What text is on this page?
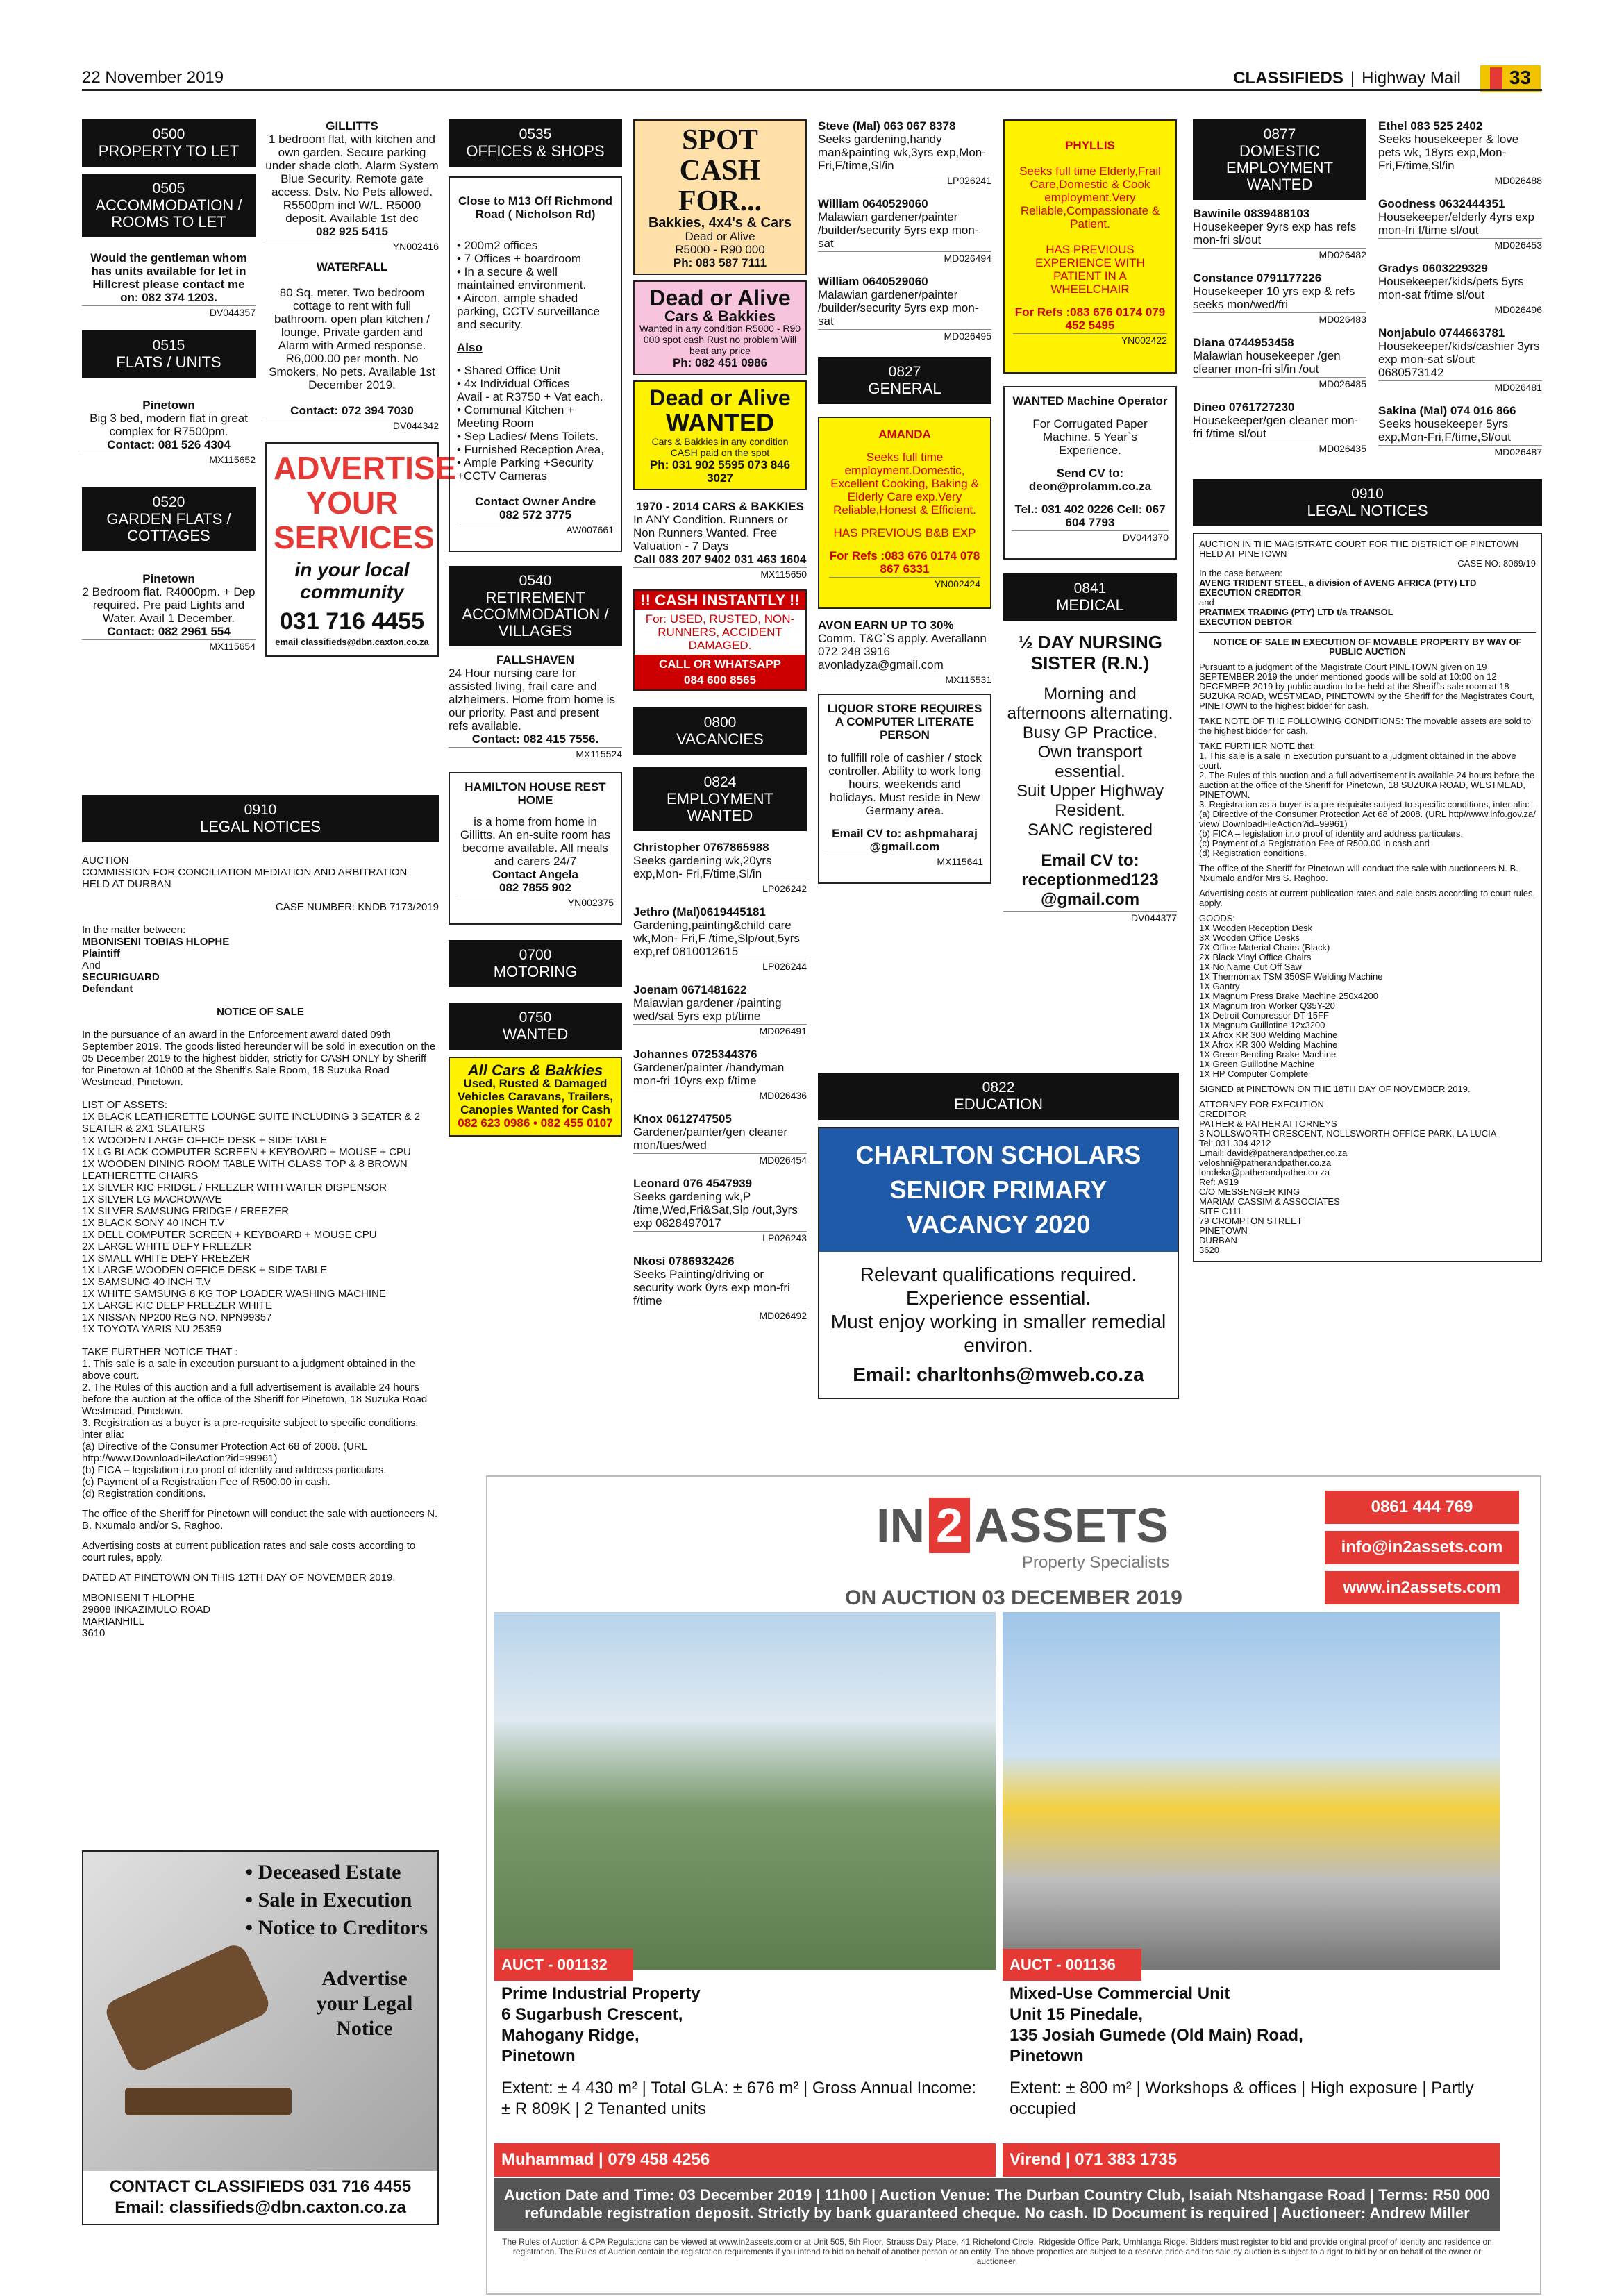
22 November 2019	CLASSIFIEDS | Highway Mail	33
0500
PROPERTY TO LET
0505
ACCOMMODATION / ROOMS TO LET
Would the gentleman whom has units available for let in Hillcrest please contact me on: 082 374 1203.
DV044357
0515
FLATS / UNITS
Pinetown
Big 3 bed, modern flat in great complex for R7500pm.
Contact: 081 526 4304
MX115652
0520
GARDEN FLATS / COTTAGES
Pinetown
2 Bedroom flat. R4000pm. + Dep required. Pre paid Lights and Water. Avail 1 December.
Contact: 082 2961 554
MX115654
GILLITTS
1 bedroom flat, with kitchen and own garden. Secure parking under shade cloth. Alarm System Blue Security. Remote gate access. Dstv. No Pets allowed. R5500pm incl W/L. R5000 deposit. Available 1st dec
082 925 5415
YN002416
WATERFALL
80 Sq. meter. Two bedroom cottage to rent with full bathroom. open plan kitchen / lounge. Private garden and Alarm with Armed response. R6,000.00 per month. No Smokers, No pets. Available 1st December 2019.
Contact: 072 394 7030
DV044342
ADVERTISE
YOUR
SERVICES
in your local community
031 716 4455
email classifieds@dbn.caxton.co.za
0910
LEGAL NOTICES
AUCTION
COMMISSION FOR CONCILIATION MEDIATION AND ARBITRATION
HELD AT DURBAN
CASE NUMBER: KNDB 7173/2019
In the matter between:
MBONISENI TOBIAS HLOPHE
Plaintiff
And
SECURIGUARD
Defendant
NOTICE OF SALE
In the pursuance of an award in the Enforcement award dated 09th September 2019. The goods listed hereunder will be sold in execution on the 05 December 2019 to the highest bidder, strictly for CASH ONLY by Sheriff for Pinetown at 10h00 at the Sheriff's Sale Room, 18 Suzuka Road Westmead, Pinetown.
LIST OF ASSETS:
1X BLACK LEATHERETTE LOUNGE SUITE INCLUDING 3 SEATER & 2 SEATER & 2X1 SEATERS
1X WOODEN LARGE OFFICE DESK + SIDE TABLE
1X LG BLACK COMPUTER SCREEN + KEYBOARD + MOUSE + CPU
1X WOODEN DINING ROOM TABLE WITH GLASS TOP & 8 BROWN LEATHERETTE CHAIRS
1X SILVER KIC FRIDGE / FREEZER WITH WATER DISPENSOR
1X SILVER LG MACROWAVE
1X SILVER SAMSUNG FRIDGE / FREEZER
1X BLACK SONY 40 INCH T.V
1X DELL COMPUTER SCREEN + KEYBOARD + MOUSE CPU
2X LARGE WHITE DEFY FREEZER
1X SMALL WHITE DEFY FREEZER
1X LARGE WOODEN OFFICE DESK + SIDE TABLE
1X SAMSUNG 40 INCH T.V
1X WHITE SAMSUNG 8 KG TOP LOADER WASHING MACHINE
1X LARGE KIC DEEP FREEZER WHITE
1X NISSAN NP200 REG NO. NPN99357
1X TOYOTA YARIS NU 25359
TAKE FURTHER NOTICE THAT :
1. This sale is a sale in execution pursuant to a judgment obtained in the above court.
2. The Rules of this auction and a full advertisement is available 24 hours before the auction at the office of the Sheriff for Pinetown, 18 Suzuka Road Westmead, Pinetown.
3. Registration as a buyer is a pre-requisite subject to specific conditions, inter alia:
(a) Directive of the Consumer Protection Act 68 of 2008. (URL http://www.DownloadFileAction?id=99961)
(b) FICA – legislation i.r.o proof of identity and address particulars.
(c) Payment of a Registration Fee of R500.00 in cash.
(d) Registration conditions.
The office of the Sheriff for Pinetown will conduct the sale with auctioneers N. B. Nxumalo and/or S. Raghoo.
Advertising costs at current publication rates and sale costs according to court rules, apply.
DATED AT PINETOWN ON THIS 12TH DAY OF NOVEMBER 2019.
MBONISENI T HLOPHE
29808 INKAZIMULO ROAD
MARIANHILL
3610
• Deceased Estate
• Sale in Execution
• Notice to Creditors
Advertise your Legal Notice
CONTACT CLASSIFIEDS 031 716 4455
Email: classifieds@dbn.caxton.co.za
0535
OFFICES & SHOPS
Close to M13 Off Richmond Road ( Nicholson Rd)
• 200m2 offices
• 7 Offices + boardroom
• In a secure & well maintained environment.
• Aircon, ample shaded parking, CCTV surveillance and security.
Also
• Shared Office Unit
• 4x Individual Offices
Avail - at R3750 + Vat each.
• Communal Kitchen + Meeting Room
• Sep Ladies/ Mens Toilets.
• Furnished Reception Area,
• Ample Parking +Security +CCTV Cameras
Contact Owner Andre
082 572 3775
AW007661
0540
RETIREMENT ACCOMMODATION / VILLAGES
FALLSHAVEN
24 Hour nursing care for assisted living, frail care and alzheimers. Home from home is our priority. Past and present refs available.
Contact: 082 415 7556.
MX115524
HAMILTON HOUSE REST HOME
is a home from home in Gillitts. An en-suite room has become available. All meals and carers 24/7
Contact Angela
082 7855 902
YN002375
0700
MOTORING
0750
WANTED
All Cars & Bakkies
Used, Rusted & Damaged Vehicles Caravans, Trailers, Canopies Wanted for Cash
082 623 0986 • 082 455 0107
SPOT CASH FOR...
Bakkies, 4x4's & Cars
Dead or Alive
R5000 - R90 000
Ph: 083 587 7111
Dead or Alive
Cars & Bakkies
Wanted in any condition R5000 - R90 000 spot cash Rust no problem Will beat any price
Ph: 082 451 0986
Dead or Alive
WANTED
Cars & Bakkies in any condition CASH paid on the spot
Ph: 031 902 5595 073 846 3027
1970 - 2014 CARS & BAKKIES
In ANY Condition. Runners or Non Runners Wanted. Free Valuation - 7 Days
Call 083 207 9402 031 463 1604
MX115650
!! CASH INSTANTLY !!
For: USED, RUSTED, NON-RUNNERS, ACCIDENT DAMAGED.
CALL OR WHATSAPP
084 600 8565
0800
VACANCIES
0824
EMPLOYMENT WANTED
Christopher 0767865988
Seeks gardening wk,20yrs exp,Mon- Fri,F/time,Sl/in
LP026242
Jethro (Mal)0619445181
Gardening,painting&child care wk,Mon- Fri,F /time,Slp/out,5yrs exp,ref 0810012615
LP026244
Joenam 0671481622
Malawian gardener /painting wed/sat 5yrs exp pt/time
MD026491
Johannes 0725344376
Gardener/painter /handyman mon-fri 10yrs exp f/time
MD026436
Knox 0612747505
Gardener/painter/gen cleaner mon/tues/wed
MD026454
Leonard 076 4547939
Seeks gardening wk,P /time,Wed,Fri&Sat,Slp /out,3yrs exp 0828497017
LP026243
Nkosi 0786932426
Seeks Painting/driving or security work 0yrs exp mon-fri f/time
MD026492
Steve (Mal) 063 067 8378
Seeks gardening,handy man&painting wk,3yrs exp,Mon- Fri,F/time,Sl/in
LP026241
William 0640529060
Malawian gardener/painter /builder/security 5yrs exp mon-sat
MD026494
William 0640529060
Malawian gardener/painter /builder/security 5yrs exp mon-sat
MD026495
0827
GENERAL
AMANDA
Seeks full time employment.Domestic, Excellent Cooking, Baking & Elderly Care exp.Very Reliable,Honest & Efficient.
HAS PREVIOUS B&B EXP
For Refs :083 676 0174 078 867 6331
YN002424
AVON EARN UP TO 30%
Comm. T&C`S apply. Averallann 072 248 3916 avonladyza@gmail.com
MX115531
LIQUOR STORE REQUIRES A COMPUTER LITERATE PERSON
to fullfill role of cashier / stock controller. Ability to work long hours, weekends and holidays. Must reside in New Germany area.
Email CV to: ashpmaharaj @gmail.com
MX115641
0822
EDUCATION
CHARLTON SCHOLARS SENIOR PRIMARY VACANCY 2020
Relevant qualifications required.
Experience essential.
Must enjoy working in smaller remedial environ.
Email: charltonhs@mweb.co.za
PHYLLIS
Seeks full time Elderly,Frail Care,Domestic & Cook employment.Very Reliable,Compassionate & Patient.
HAS PREVIOUS EXPERIENCE WITH PATIENT IN A WHEELCHAIR
For Refs :083 676 0174 079 452 5495
YN002422
WANTED Machine Operator
For Corrugated Paper Machine. 5 Year`s Experience.
Send CV to: deon@prolamm.co.za
Tel.: 031 402 0226 Cell: 067 604 7793
DV044370
0841
MEDICAL
½ DAY NURSING SISTER (R.N.)
Morning and afternoons alternating.
Busy GP Practice.
Own transport essential.
Suit Upper Highway Resident.
SANC registered
Email CV to: receptionmed123 @gmail.com
DV044377
0877
DOMESTIC EMPLOYMENT WANTED
Bawinile 0839488103
Housekeeper 9yrs exp has refs mon-fri sl/out
MD026482
Constance 0791177226
Housekeeper 10 yrs exp & refs seeks mon/wed/fri
MD026483
Diana 0744953458
Malawian housekeeper /gen cleaner mon-fri sl/in /out
MD026485
Dineo 0761727230
Housekeeper/gen cleaner mon-fri f/time sl/out
MD026435
Ethel 083 525 2402
Seeks housekeeper & love pets wk, 18yrs exp,Mon- Fri,F/time,Sl/in
MD026488
Goodness 0632444351
Housekeeper/elderly 4yrs exp mon-fri f/time sl/out
MD026453
Gradys 0603229329
Housekeeper/kids/pets 5yrs mon-sat f/time sl/out
MD026496
Nonjabulo 0744663781
Housekeeper/kids/cashier 3yrs exp mon-sat sl/out 0680573142
MD026481
Sakina (Mal) 074 016 866
Seeks housekeeper 5yrs exp,Mon-Fri,F/time,Sl/out
MD026487
0910
LEGAL NOTICES
AUCTION IN THE MAGISTRATE COURT FOR THE DISTRICT OF PINETOWN HELD AT PINETOWN
CASE NO: 8069/19
In the case between:
AVENG TRIDENT STEEL, a division of AVENG AFRICA (PTY) LTD
EXECUTION CREDITOR
and
PRATIMEX TRADING (PTY) LTD t/a TRANSOL
EXECUTION DEBTOR
NOTICE OF SALE IN EXECUTION OF MOVABLE PROPERTY BY WAY OF PUBLIC AUCTION
Pursuant to a judgment of the Magistrate Court PINETOWN given on 19 SEPTEMBER 2019 the under mentioned goods will be sold at 10:00 on 12 DECEMBER 2019 by public auction to be held at the Sheriff's sale room at 18 SUZUKA ROAD, WESTMEAD, PINETOWN by the Sheriff for the Magistrates Court, PINETOWN to the highest bidder for cash.
TAKE NOTE OF THE FOLLOWING CONDITIONS: The movable assets are sold to the highest bidder for cash.
TAKE FURTHER NOTE that:
1. This sale is a sale in Execution pursuant to a judgment obtained in the above court.
2. The Rules of this auction and a full advertisement is available 24 hours before the auction at the office of the Sheriff for Pinetown, 18 SUZUKA ROAD, WESTMEAD, PINETOWN.
3. Registration as a buyer is a pre-requisite subject to specific conditions, inter alia:
(a) Directive of the Consumer Protection Act 68 of 2008. (URL http//www.info.gov.za/ view/ DownloadFileAction?id=99961)
(b) FICA – legislation i.r.o proof of identity and address particulars.
(c) Payment of a Registration Fee of R500.00 in cash and
(d) Registration conditions.
The office of the Sheriff for Pinetown will conduct the sale with auctioneers N. B. Nxumalo and/or Mrs S. Raghoo.
Advertising costs at current publication rates and sale costs according to court rules, apply.
GOODS:
1X Wooden Reception Desk
3X Wooden Office Desks
7X Office Material Chairs (Black)
2X Black Vinyl Office Chairs
1X No Name Cut Off Saw
1X Thermomax TSM 350SF Welding Machine
1X Gantry
1X Magnum Press Brake Machine 250x4200
1X Magnum Iron Worker Q35Y-20
1X Detroit Compressor DT 15FF
1X Magnum Guillotine 12x3200
1X Afrox KR 300 Welding Machine
1X Afrox KR 300 Welding Machine
1X Green Bending Brake Machine
1X Green Guillotine Machine
1X HP Computer Complete
SIGNED at PINETOWN ON THE 18TH DAY OF NOVEMBER 2019.
ATTORNEY FOR EXECUTION
CREDITOR
PATHER & PATHER ATTORNEYS
3 NOLLSWORTH CRESCENT, NOLLSWORTH OFFICE PARK, LA LUCIA
Tel: 031 304 4212
Email: david@patherandpather.co.za
veloshni@patherandpather.co.za
londeka@patherandpather.co.za
Ref: A919
C/O MESSENGER KING
MARIAM CASSIM & ASSOCIATES
SITE C111
79 CROMPTON STREET
PINETOWN
DURBAN
3620
IN 2 ASSETS
Property Specialists
0861 444 769
info@in2assets.com
www.in2assets.com
ON AUCTION 03 DECEMBER 2019
AUCT - 001132	AUCT - 001136
Prime Industrial Property
6 Sugarbush Crescent,
Mahogany Ridge,
Pinetown
Extent: ± 4 430 m² | Total GLA: ± 676 m² | Gross Annual Income: ± R 809K | 2 Tenanted units
Mixed-Use Commercial Unit
Unit 15 Pinedale,
135 Josiah Gumede (Old Main) Road,
Pinetown
Extent: ± 800 m² | Workshops & offices | High exposure | Partly occupied
Muhammad | 079 458 4256	Virend | 071 383 1735
Auction Date and Time: 03 December 2019 | 11h00 | Auction Venue: The Durban Country Club, Isaiah Ntshangase Road | Terms: R50 000 refundable registration deposit. Strictly by bank guaranteed cheque. No cash. ID Document is required | Auctioneer: Andrew Miller
The Rules of Auction & CPA Regulations can be viewed at www.in2assets.com or at Unit 505, 5th Floor, Strauss Daly Place, 41 Richefond Circle, Ridgeside Office Park, Umhlanga Ridge. Bidders must register to bid and provide original proof of identity and residence on registration. The Rules of Auction contain the registration requirements if you intend to bid on behalf of another person or an entity. The above properties are subject to a reserve price and the sale by auction is subject to a right to bid by or on behalf of the owner or auctioneer.
